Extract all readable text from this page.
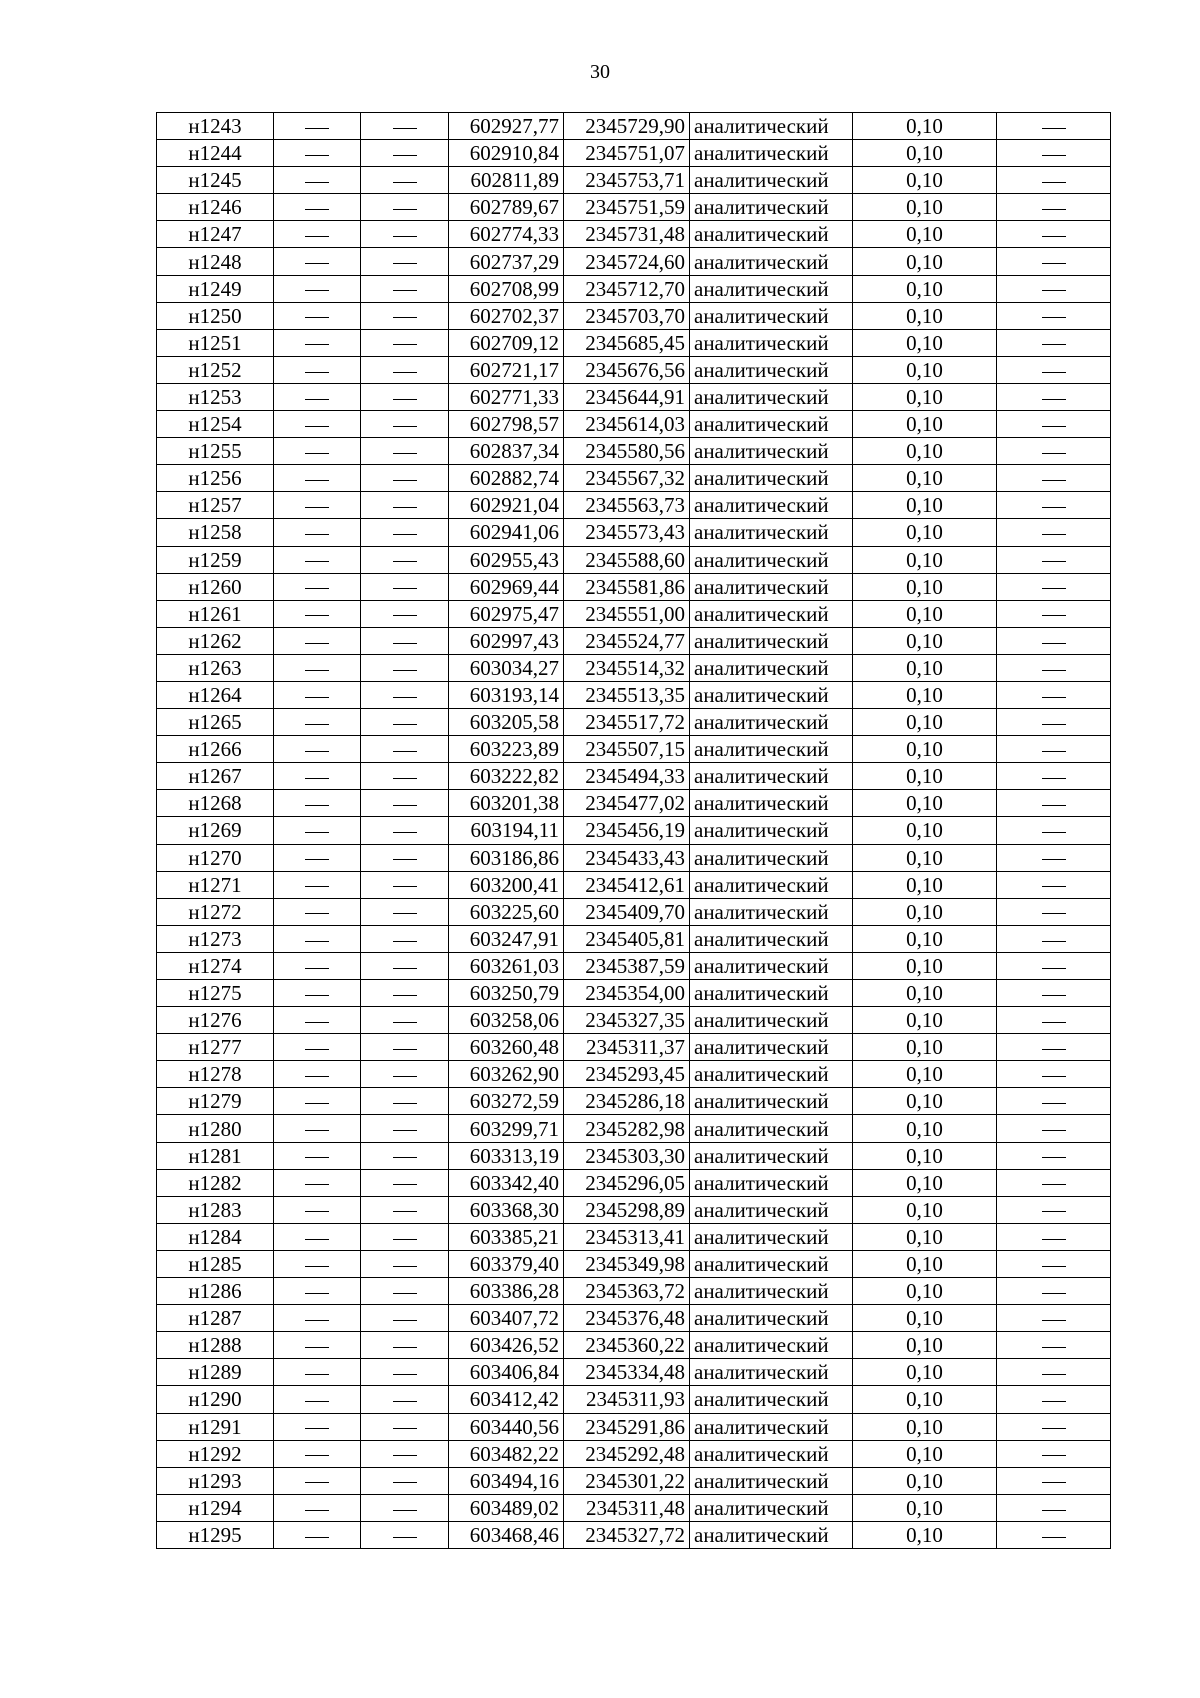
30
н1243			602927,77	2345729,90	аналитический	0,10	
н1244			602910,84	2345751,07	аналитический	0,10	
н1245			602811,89	2345753,71	аналитический	0,10	
н1246			602789,67	2345751,59	аналитический	0,10	
н1247			602774,33	2345731,48	аналитический	0,10	
н1248			602737,29	2345724,60	аналитический	0,10	
н1249			602708,99	2345712,70	аналитический	0,10	
н1250			602702,37	2345703,70	аналитический	0,10	
н1251			602709,12	2345685,45	аналитический	0,10	
н1252			602721,17	2345676,56	аналитический	0,10	
н1253			602771,33	2345644,91	аналитический	0,10	
н1254			602798,57	2345614,03	аналитический	0,10	
н1255			602837,34	2345580,56	аналитический	0,10	
н1256			602882,74	2345567,32	аналитический	0,10	
н1257			602921,04	2345563,73	аналитический	0,10	
н1258			602941,06	2345573,43	аналитический	0,10	
н1259			602955,43	2345588,60	аналитический	0,10	
н1260			602969,44	2345581,86	аналитический	0,10	
н1261			602975,47	2345551,00	аналитический	0,10	
н1262			602997,43	2345524,77	аналитический	0,10	
н1263			603034,27	2345514,32	аналитический	0,10	
н1264			603193,14	2345513,35	аналитический	0,10	
н1265			603205,58	2345517,72	аналитический	0,10	
н1266			603223,89	2345507,15	аналитический	0,10	
н1267			603222,82	2345494,33	аналитический	0,10	
н1268			603201,38	2345477,02	аналитический	0,10	
н1269			603194,11	2345456,19	аналитический	0,10	
н1270			603186,86	2345433,43	аналитический	0,10	
н1271			603200,41	2345412,61	аналитический	0,10	
н1272			603225,60	2345409,70	аналитический	0,10	
н1273			603247,91	2345405,81	аналитический	0,10	
н1274			603261,03	2345387,59	аналитический	0,10	
н1275			603250,79	2345354,00	аналитический	0,10	
н1276			603258,06	2345327,35	аналитический	0,10	
н1277			603260,48	2345311,37	аналитический	0,10	
н1278			603262,90	2345293,45	аналитический	0,10	
н1279			603272,59	2345286,18	аналитический	0,10	
н1280			603299,71	2345282,98	аналитический	0,10	
н1281			603313,19	2345303,30	аналитический	0,10	
н1282			603342,40	2345296,05	аналитический	0,10	
н1283			603368,30	2345298,89	аналитический	0,10	
н1284			603385,21	2345313,41	аналитический	0,10	
н1285			603379,40	2345349,98	аналитический	0,10	
н1286			603386,28	2345363,72	аналитический	0,10	
н1287			603407,72	2345376,48	аналитический	0,10	
н1288			603426,52	2345360,22	аналитический	0,10	
н1289			603406,84	2345334,48	аналитический	0,10	
н1290			603412,42	2345311,93	аналитический	0,10	
н1291			603440,56	2345291,86	аналитический	0,10	
н1292			603482,22	2345292,48	аналитический	0,10	
н1293			603494,16	2345301,22	аналитический	0,10	
н1294			603489,02	2345311,48	аналитический	0,10	
н1295			603468,46	2345327,72	аналитический	0,10	
